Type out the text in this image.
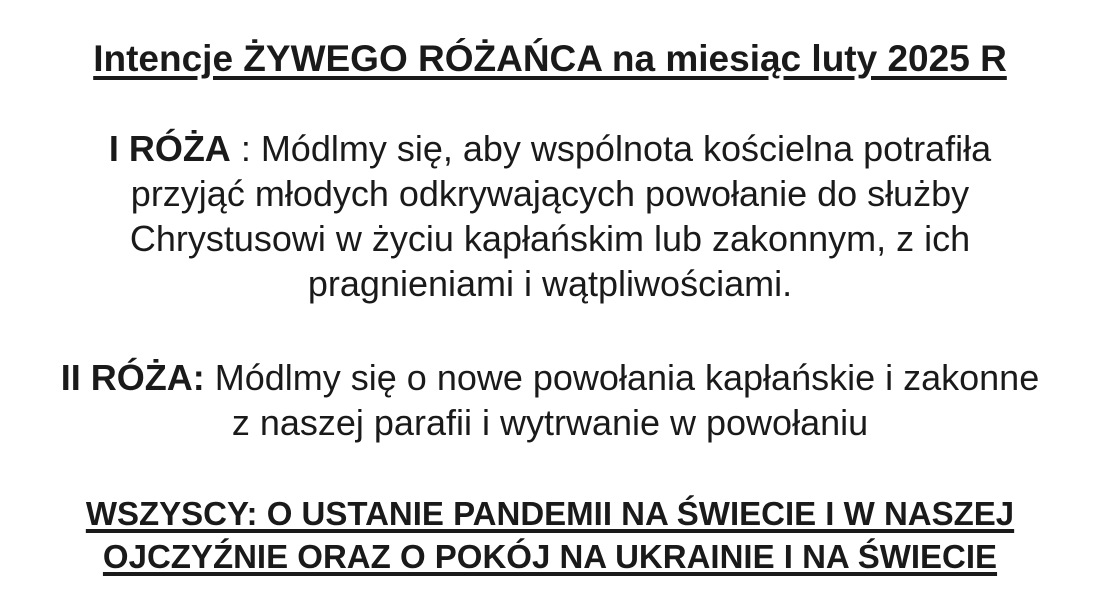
Intencje ŻYWEGO RÓŻAŃCA na miesiąc luty 2025 R
I RÓŻA : Módlmy się, aby wspólnota kościelna potrafiła
przyjąć młodych odkrywających powołanie do służby
Chrystusowi w życiu kapłańskim lub zakonnym, z ich
pragnieniami i wątpliwościami.
II RÓŻA: Módlmy się o nowe powołania kapłańskie i zakonne
z naszej parafii i wytrwanie w powołaniu
WSZYSCY: O USTANIE PANDEMII NA ŚWIECIE I W NASZEJ
OJCZYŹNIE ORAZ O POKÓJ NA UKRAINIE I NA ŚWIECIE
